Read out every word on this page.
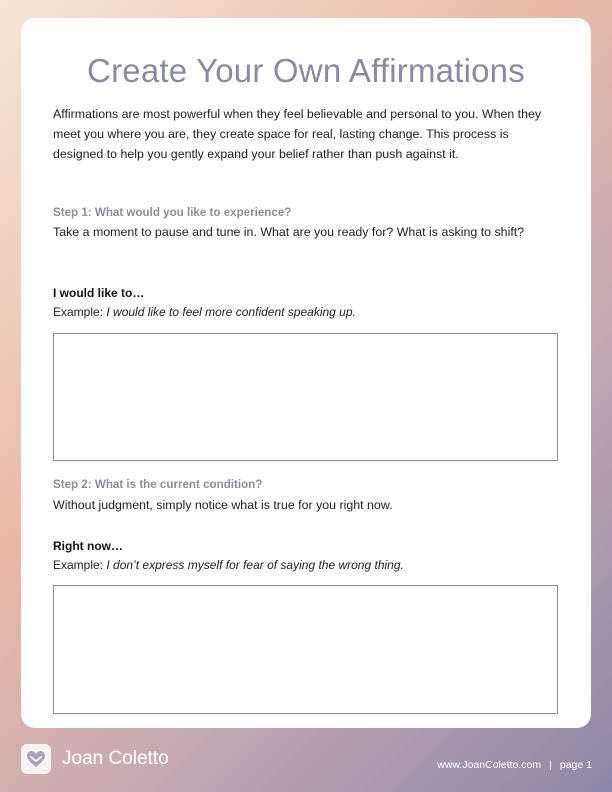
Create Your Own Affirmations

Affirmations are most powerful when they feel believable and personal to you. When they meet you where you are, they create space for real, lasting change. This process is designed to help you gently expand your belief rather than push against it.

Step 1: What would you like to experience?

Take a moment to pause and tune in. What are you ready for? What is asking to shift?

I would like to…

Example: I would like to feel more confident speaking up.

Step 2: What is the current condition?

Without judgment, simply notice what is true for you right now.

Right now…

Example: I don’t express myself for fear of saying the wrong thing.

Joan Coletto	www.JoanColetto.com | page 1
